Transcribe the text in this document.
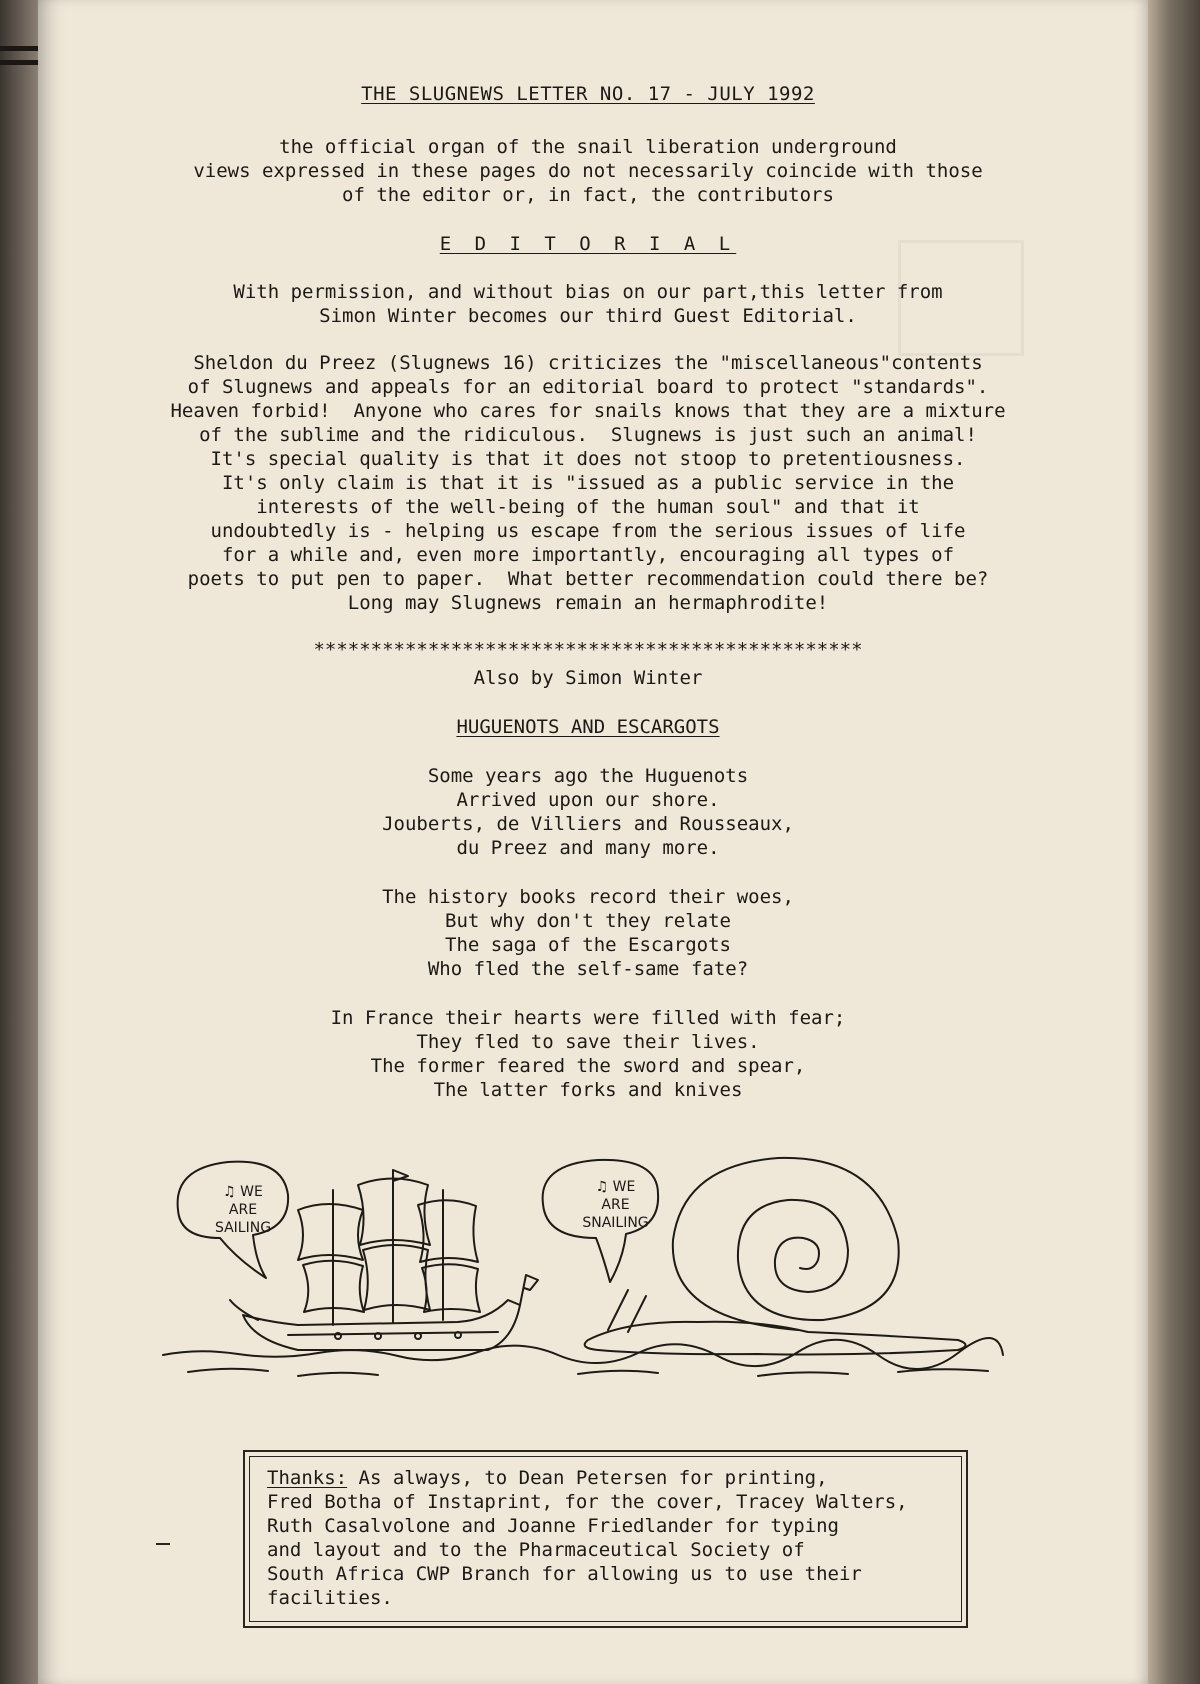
THE SLUGNEWS LETTER NO. 17 - JULY 1992

the official organ of the snail liberation underground

views expressed in these pages do not necessarily coincide with those

of the editor or, in fact, the contributors

E D I T O R I A L

With permission, and without bias on our part,this letter from

Simon Winter becomes our third Guest Editorial.

Sheldon du Preez (Slugnews 16) criticizes the "miscellaneous"contents

of Slugnews and appeals for an editorial board to protect "standards".

Heaven forbid!  Anyone who cares for snails knows that they are a mixture

of the sublime and the ridiculous.  Slugnews is just such an animal!

It's special quality is that it does not stoop to pretentiousness.

It's only claim is that it is "issued as a public service in the

interests of the well-being of the human soul" and that it

undoubtedly is - helping us escape from the serious issues of life

for a while and, even more importantly, encouraging all types of

poets to put pen to paper.  What better recommendation could there be?

Long may Slugnews remain an hermaphrodite!

************************************************

Also by Simon Winter

HUGUENOTS AND ESCARGOTS

Some years ago the Huguenots

Arrived upon our shore.

Jouberts, de Villiers and Rousseaux,

du Preez and many more.

The history books record their woes,

But why don't they relate

The saga of the Escargots

Who fled the self-same fate?

In France their hearts were filled with fear;

They fled to save their lives.

The former feared the sword and spear,

The latter forks and knives

♫ WE
ARE
SAILING
♫ WE
ARE
SNAILING
Thanks: As always, to Dean Petersen for printing,
Fred Botha of Instaprint, for the cover, Tracey Walters,
Ruth Casalvolone and Joanne Friedlander for typing
and layout and to the Pharmaceutical Society of
South Africa CWP Branch for allowing us to use their
facilities.
